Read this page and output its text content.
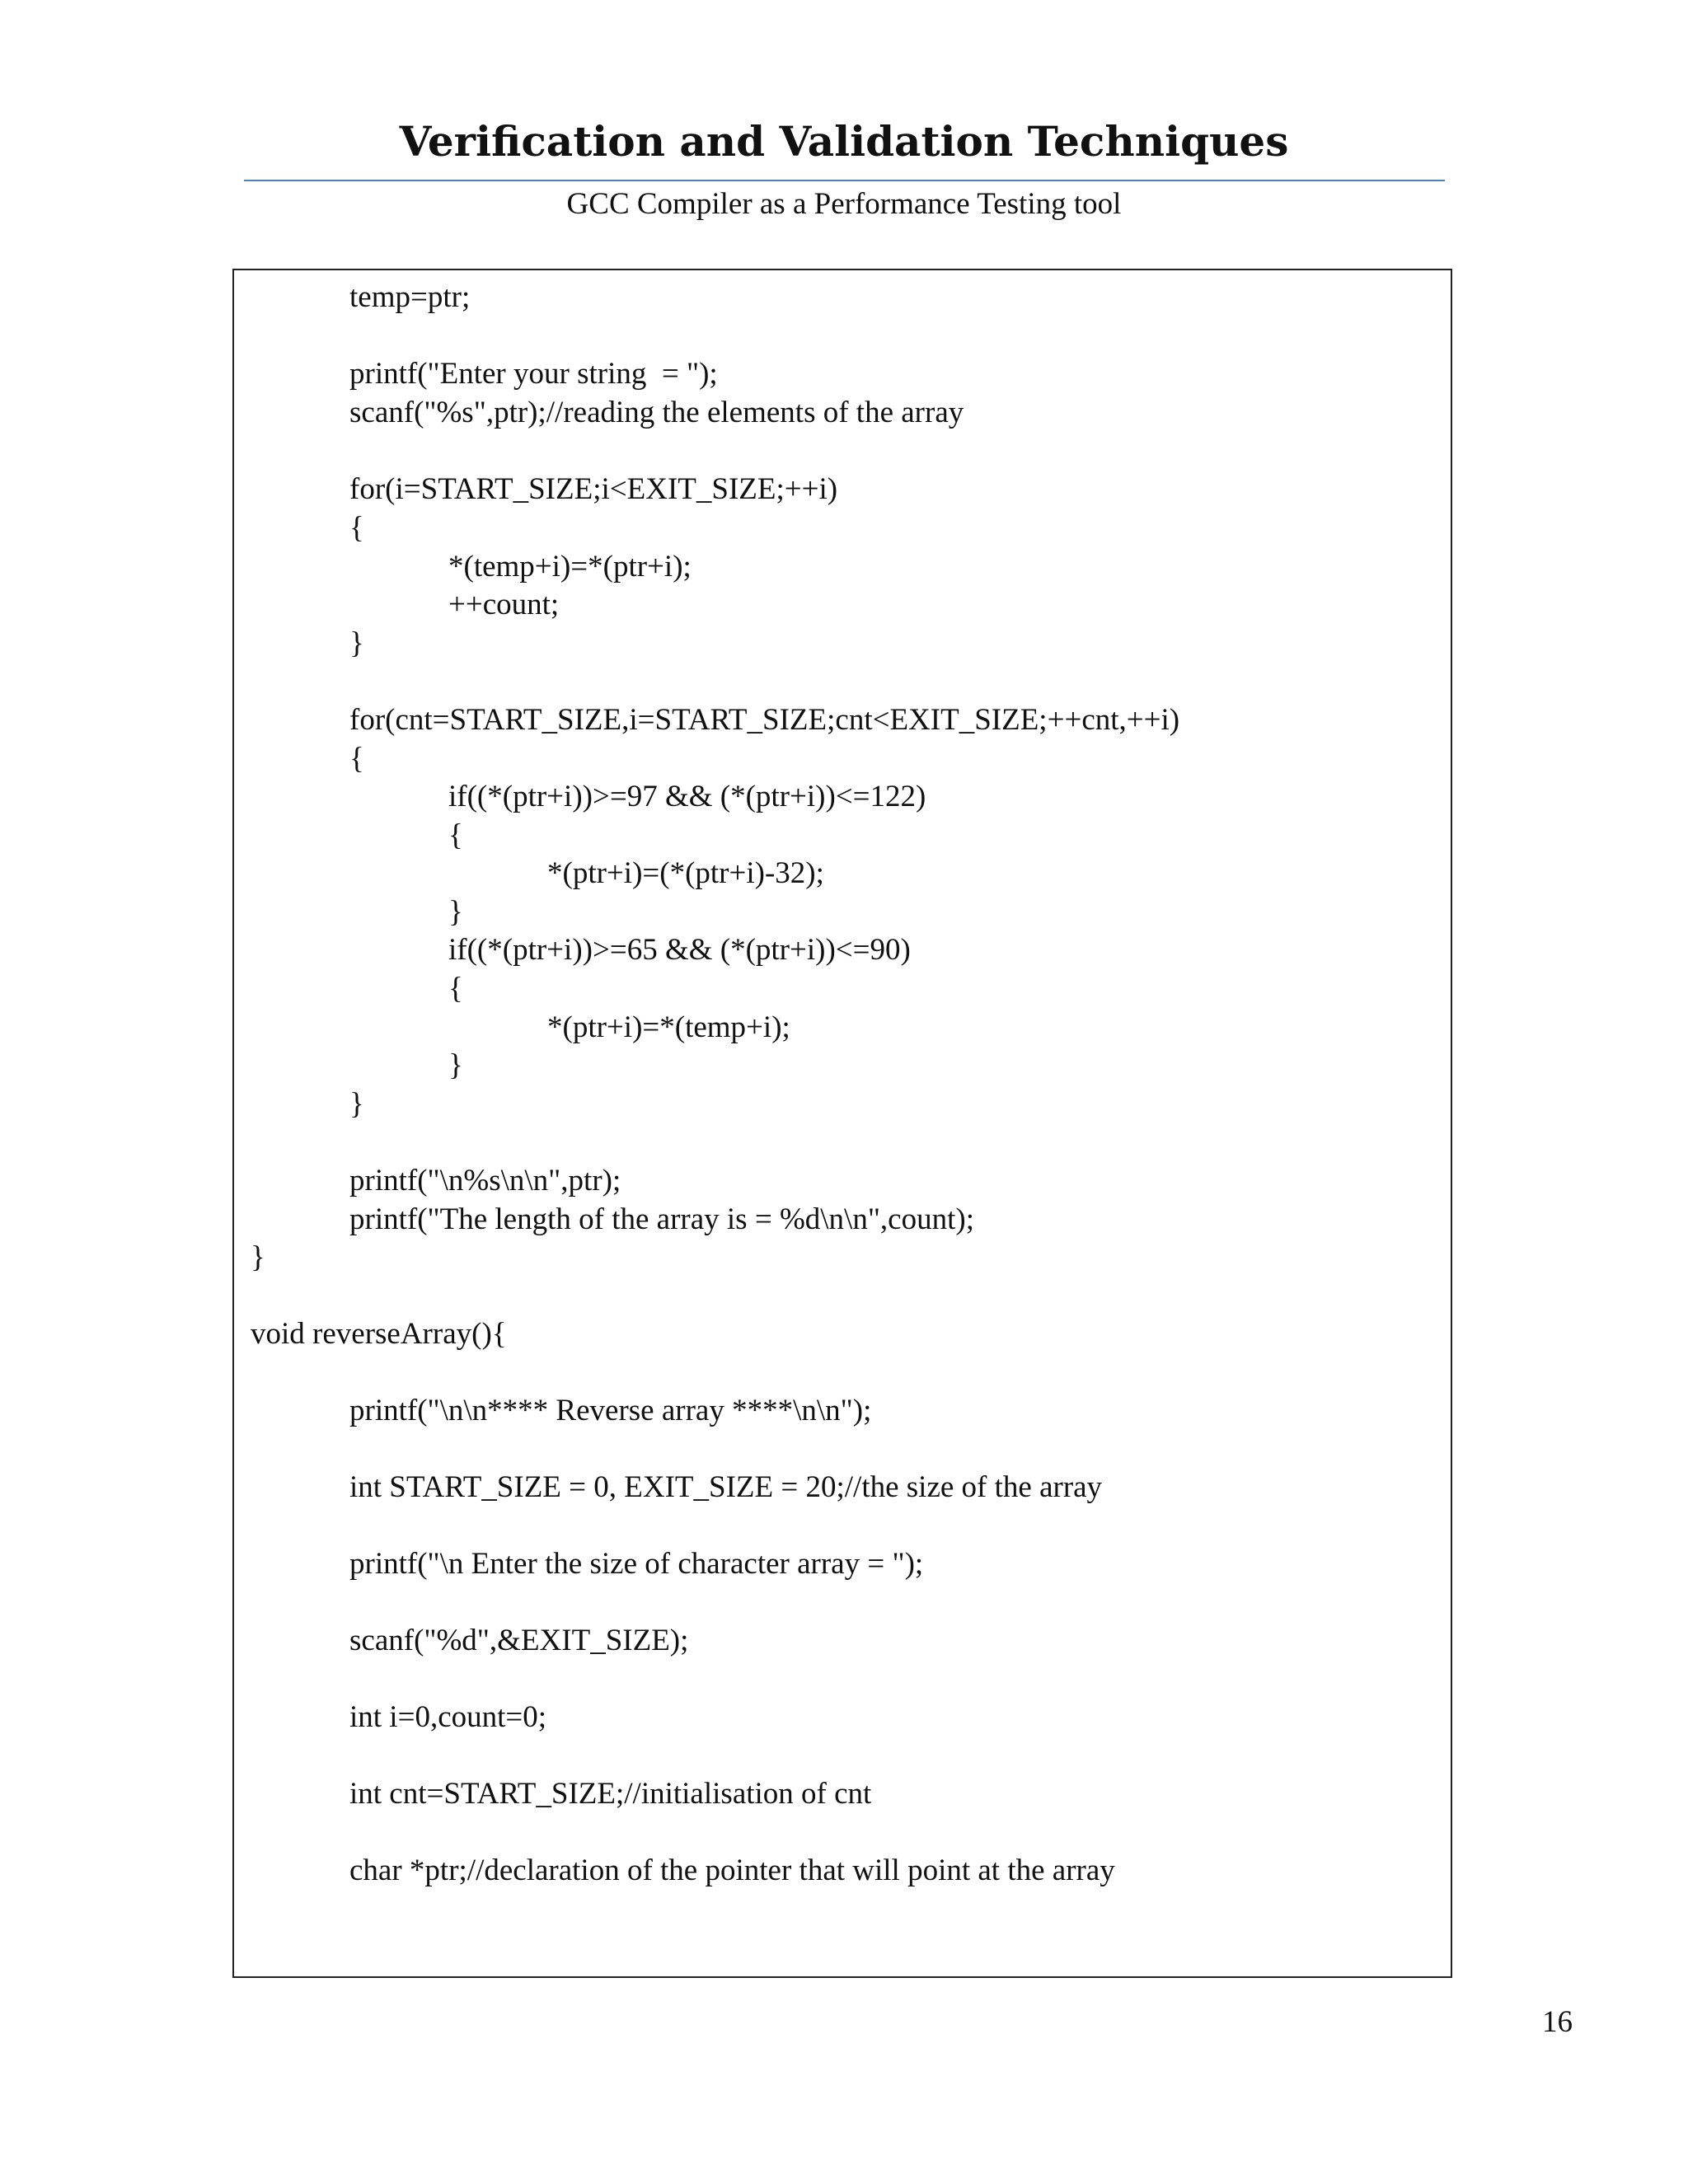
Verification and Validation Techniques
GCC Compiler as a Performance Testing tool
temp=ptr;
printf("Enter your string  = ");
scanf("%s",ptr);//reading the elements of the array
for(i=START_SIZE;i<EXIT_SIZE;++i)
{
*(temp+i)=*(ptr+i);
++count;
}
for(cnt=START_SIZE,i=START_SIZE;cnt<EXIT_SIZE;++cnt,++i)
{
if((*(ptr+i))>=97 && (*(ptr+i))<=122)
{
*(ptr+i)=(*(ptr+i)-32);
}
if((*(ptr+i))>=65 && (*(ptr+i))<=90)
{
*(ptr+i)=*(temp+i);
}
}
printf("\n%s\n\n",ptr);
printf("The length of the array is = %d\n\n",count);
}
void reverseArray(){
printf("\n\n**** Reverse array ****\n\n");
int START_SIZE = 0, EXIT_SIZE = 20;//the size of the array
printf("\n Enter the size of character array = ");
scanf("%d",&EXIT_SIZE);
int i=0,count=0;
int cnt=START_SIZE;//initialisation of cnt
char *ptr;//declaration of the pointer that will point at the array
16
